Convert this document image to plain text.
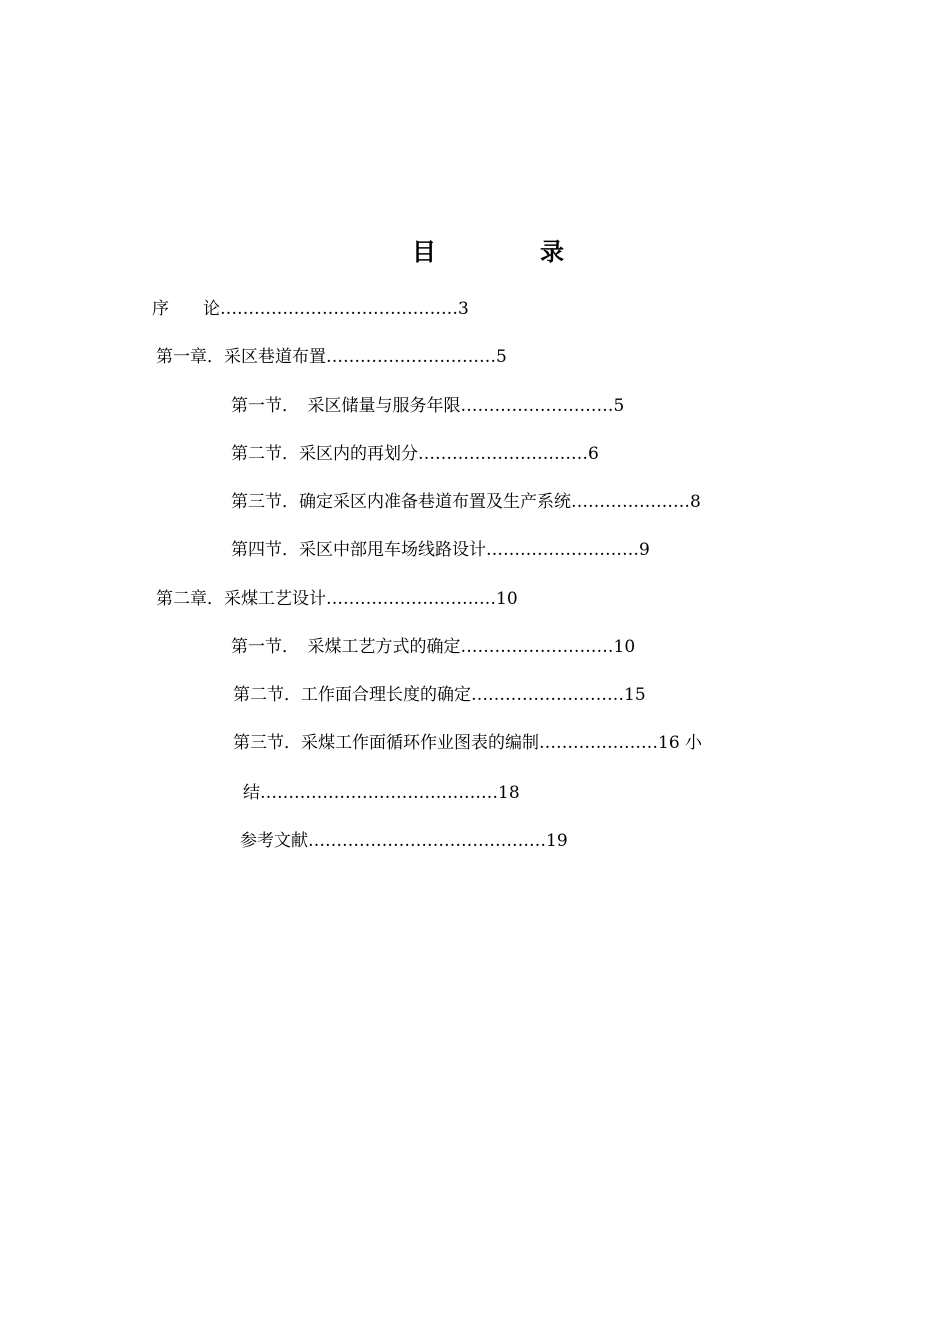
目	录
序　　论……………………………………3
第一章．采区巷道布置…………………………5
第一节．　采区储量与服务年限………………………5
第二节．采区内的再划分…………………………6
第三节．确定采区内准备巷道布置及生产系统…………………8
第四节．采区中部甩车场线路设计………………………9
第二章．采煤工艺设计…………………………10
第一节．　采煤工艺方式的确定………………………10
第二节．工作面合理长度的确定………………………15
第三节．采煤工作面循环作业图表的编制…………………16 小
结……………………………………18
参考文献……………………………………19
